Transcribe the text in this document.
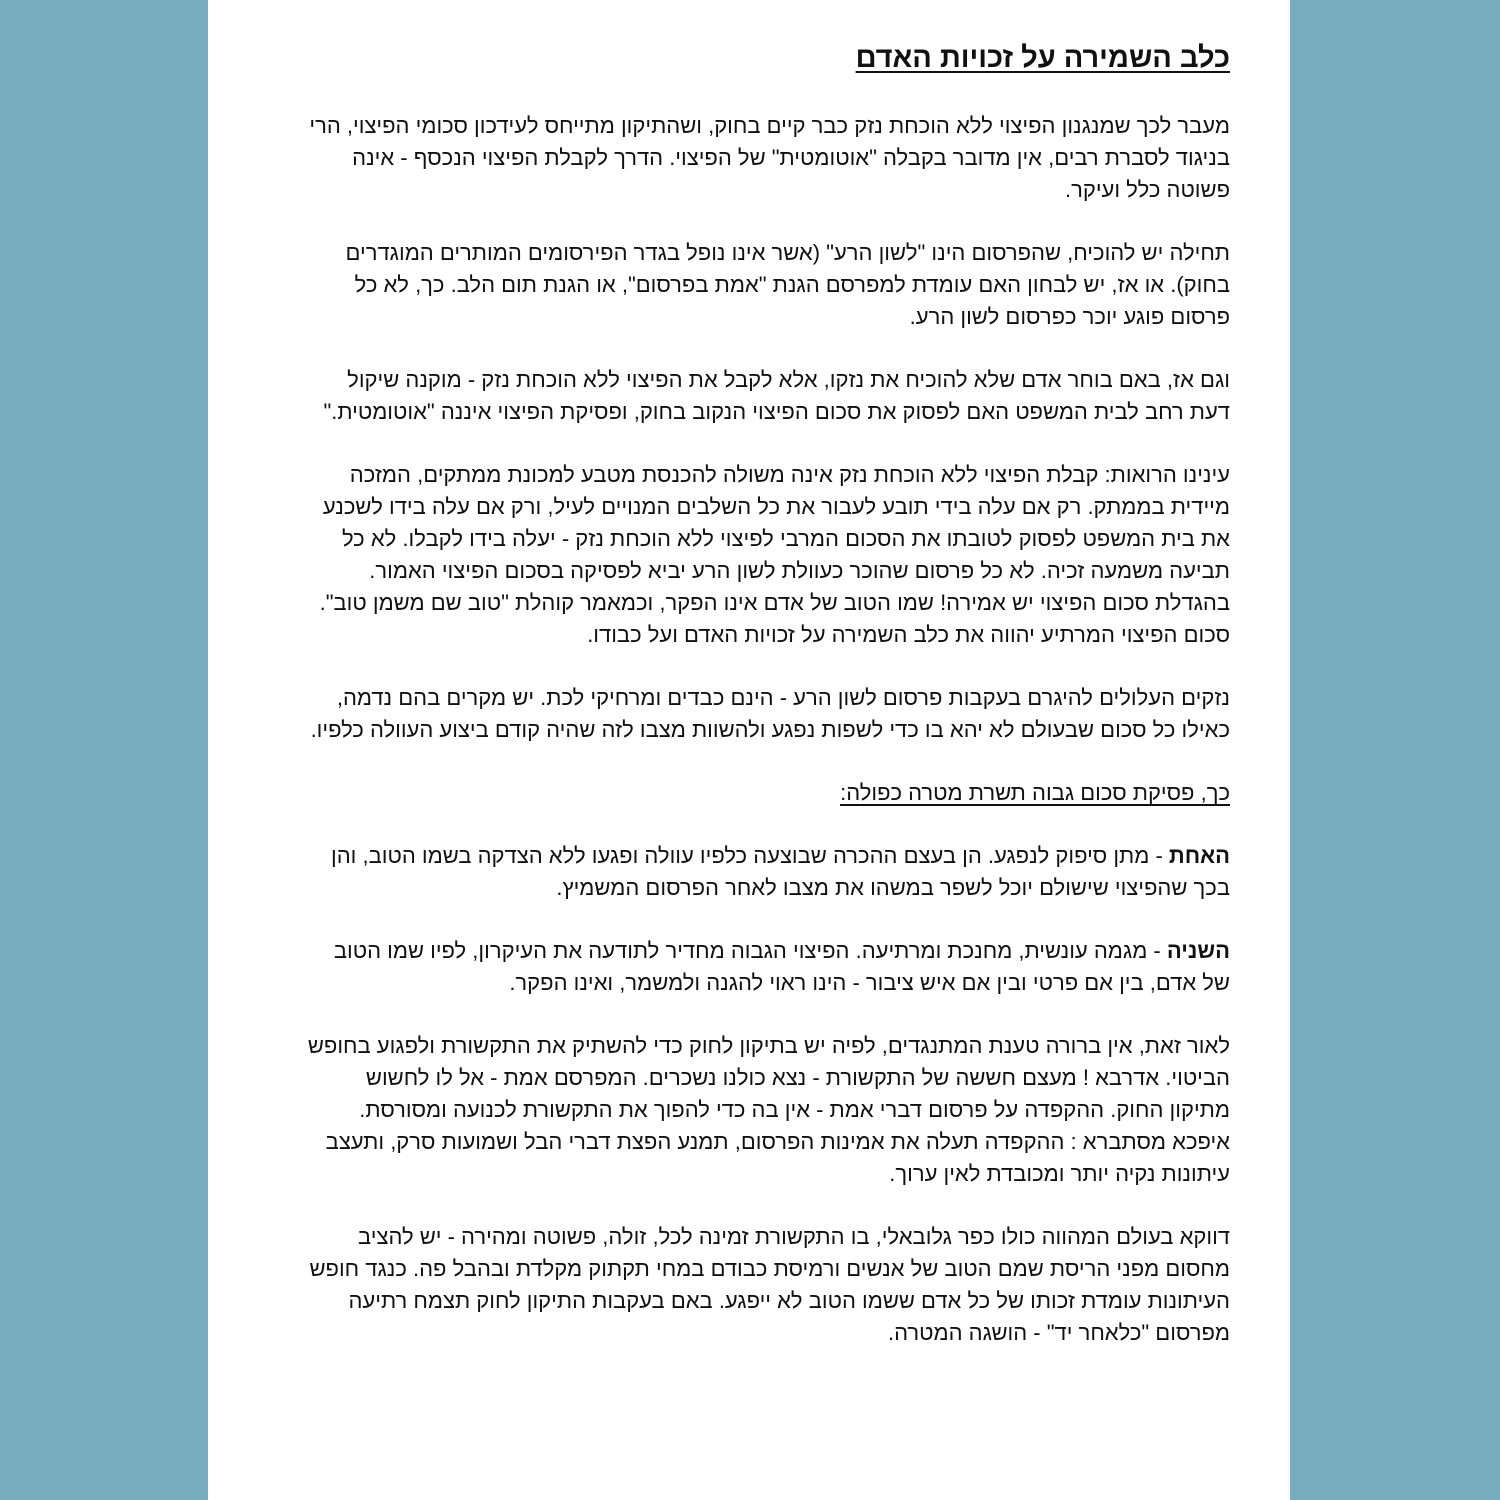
כלב השמירה על זכויות האדם

מעבר לכך שמנגנון הפיצוי ללא הוכחת נזק כבר קיים בחוק, ושהתיקון מתייחס לעידכון סכומי הפיצוי, הרי בניגוד לסברת רבים, אין מדובר בקבלה "אוטומטית" של הפיצוי. הדרך לקבלת הפיצוי הנכסף - אינה פשוטה כלל ועיקר.

תחילה יש להוכיח, שהפרסום הינו "לשון הרע" (אשר אינו נופל בגדר הפירסומים המותרים המוגדרים בחוק). או אז, יש לבחון האם עומדת למפרסם הגנת "אמת בפרסום", או הגנת תום הלב. כך, לא כל פרסום פוגע יוכר כפרסום לשון הרע.

וגם אז, באם בוחר אדם שלא להוכיח את נזקו, אלא לקבל את הפיצוי ללא הוכחת נזק - מוקנה שיקול דעת רחב לבית המשפט האם לפסוק את סכום הפיצוי הנקוב בחוק, ופסיקת הפיצוי איננה "אוטומטית."

עינינו הרואות: קבלת הפיצוי ללא הוכחת נזק אינה משולה להכנסת מטבע למכונת ממתקים, המזכה מיידית בממתק. רק אם עלה בידי תובע לעבור את כל השלבים המנויים לעיל, ורק אם עלה בידו לשכנע את בית המשפט לפסוק לטובתו את הסכום המרבי לפיצוי ללא הוכחת נזק - יעלה בידו לקבלו. לא כל תביעה משמעה זכיה. לא כל פרסום שהוכר כעוולת לשון הרע יביא לפסיקה בסכום הפיצוי האמור. בהגדלת סכום הפיצוי יש אמירה! שמו הטוב של אדם אינו הפקר, וכמאמר קוהלת "טוב שם משמן טוב". סכום הפיצוי המרתיע יהווה את כלב השמירה על זכויות האדם ועל כבודו.

נזקים העלולים להיגרם בעקבות פרסום לשון הרע - הינם כבדים ומרחיקי לכת. יש מקרים בהם נדמה, כאילו כל סכום שבעולם לא יהא בו כדי לשפות נפגע ולהשוות מצבו לזה שהיה קודם ביצוע העוולה כלפיו.

כך, פסיקת סכום גבוה תשרת מטרה כפולה:

האחת - מתן סיפוק לנפגע. הן בעצם ההכרה שבוצעה כלפיו עוולה ופגעו ללא הצדקה בשמו הטוב, והן בכך שהפיצוי שישולם יוכל לשפר במשהו את מצבו לאחר הפרסום המשמיץ.

השניה - מגמה עונשית, מחנכת ומרתיעה. הפיצוי הגבוה מחדיר לתודעה את העיקרון, לפיו שמו הטוב של אדם, בין אם פרטי ובין אם איש ציבור - הינו ראוי להגנה ולמשמר, ואינו הפקר.

לאור זאת, אין ברורה טענת המתנגדים, לפיה יש בתיקון לחוק כדי להשתיק את התקשורת ולפגוע בחופש הביטוי. אדרבא ! מעצם חששה של התקשורת - נצא כולנו נשכרים. המפרסם אמת - אל לו לחשוש מתיקון החוק. ההקפדה על פרסום דברי אמת - אין בה כדי להפוך את התקשורת לכנועה ומסורסת. איפכא מסתברא : ההקפדה תעלה את אמינות הפרסום, תמנע הפצת דברי הבל ושמועות סרק, ותעצב עיתונות נקיה יותר ומכובדת לאין ערוך.

דווקא בעולם המהווה כולו כפר גלובאלי, בו התקשורת זמינה לכל, זולה, פשוטה ומהירה - יש להציב מחסום מפני הריסת שמם הטוב של אנשים ורמיסת כבודם במחי תקתוק מקלדת ובהבל פה. כנגד חופש העיתונות עומדת זכותו של כל אדם ששמו הטוב לא ייפגע. באם בעקבות התיקון לחוק תצמח רתיעה מפרסום "כלאחר יד" - הושגה המטרה.
